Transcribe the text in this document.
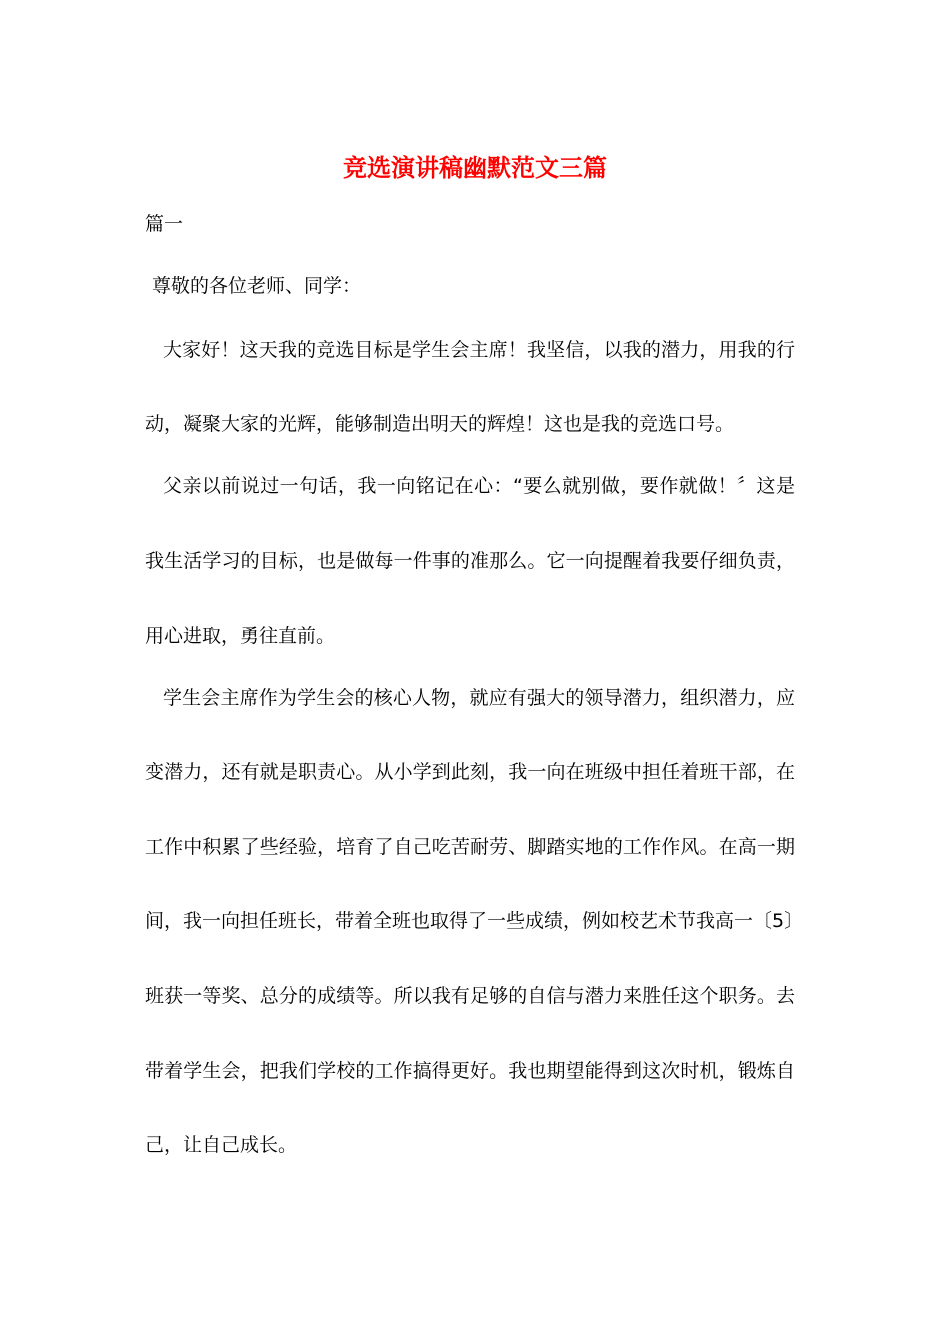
竞选演讲稿幽默范文三篇

篇一

尊敬的各位老师、同学：

大家好！这天我的竞选目标是学生会主席！我坚信，以我的潜力，用我的行

动，凝聚大家的光辉，能够制造出明天的辉煌！这也是我的竞选口号。

父亲以前说过一句话，我一向铭记在心：“要么就别做，要作就做！〞这是

我生活学习的目标，也是做每一件事的准那么。它一向提醒着我要仔细负责，

用心进取，勇往直前。

学生会主席作为学生会的核心人物，就应有强大的领导潜力，组织潜力，应

变潜力，还有就是职责心。从小学到此刻，我一向在班级中担任着班干部，在

工作中积累了些经验，培育了自己吃苦耐劳、脚踏实地的工作作风。在高一期

间，我一向担任班长，带着全班也取得了一些成绩，例如校艺术节我高一〔5〕

班获一等奖、总分的成绩等。所以我有足够的自信与潜力来胜任这个职务。去

带着学生会，把我们学校的工作搞得更好。我也期望能得到这次时机，锻炼自

己，让自己成长。
